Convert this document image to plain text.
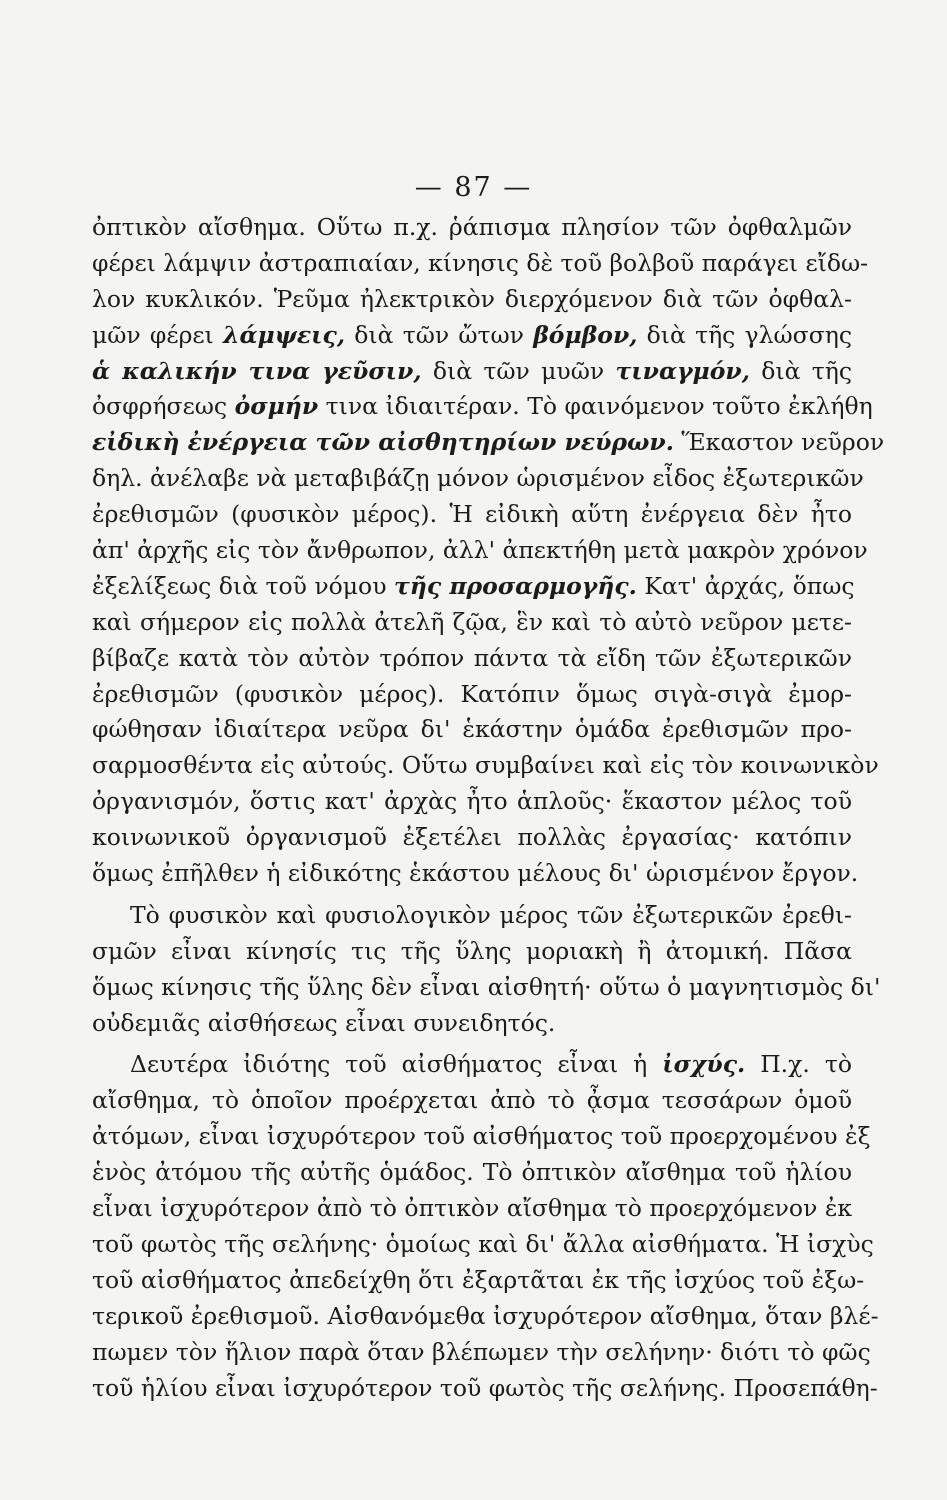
— 87 —
ὀπτικὸν αἴσθημα. Οὕτω π.χ. ῥάπισμα πλησίον τῶν ὀφθαλμῶν
φέρει λάμψιν ἀστραπιαίαν, κίνησις δὲ τοῦ βολβοῦ παράγει εἴδω-
λον κυκλικόν. Ῥεῦμα ἠλεκτρικὸν διερχόμενον διὰ τῶν ὀφθαλ-
μῶν φέρει λάμψεις, διὰ τῶν ὤτων βόμβον, διὰ τῆς γλώσσης
ἁ καλικήν τινα γεῦσιν, διὰ τῶν μυῶν τιναγμόν, διὰ τῆς
ὀσφρήσεως ὀσμήν τινα ἰδιαιτέραν. Τὸ φαινόμενον τοῦτο ἐκλήθη
εἰδικὴ ἐνέργεια τῶν αἰσθητηρίων νεύρων. Ἕκαστον νεῦρον
δηλ. ἀνέλαβε νὰ μεταβιβάζῃ μόνον ὡρισμένον εἶδος ἐξωτερικῶν
ἐρεθισμῶν (φυσικὸν μέρος). Ἡ εἰδικὴ αὕτη ἐνέργεια δὲν ἦτο
ἀπ' ἀρχῆς εἰς τὸν ἄνθρωπον, ἀλλ' ἀπεκτήθη μετὰ μακρὸν χρόνον
ἐξελίξεως διὰ τοῦ νόμου τῆς προσαρμογῆς. Κατ' ἀρχάς, ὅπως
καὶ σήμερον εἰς πολλὰ ἀτελῆ ζῷα, ἓν καὶ τὸ αὐτὸ νεῦρον μετε-
βίβαζε κατὰ τὸν αὐτὸν τρόπον πάντα τὰ εἴδη τῶν ἐξωτερικῶν
ἐρεθισμῶν (φυσικὸν μέρος). Κατόπιν ὅμως σιγὰ-σιγὰ ἐμορ-
φώθησαν ἰδιαίτερα νεῦρα δι' ἑκάστην ὁμάδα ἐρεθισμῶν προ-
σαρμοσθέντα εἰς αὐτούς. Οὕτω συμβαίνει καὶ εἰς τὸν κοινωνικὸν
ὀργανισμόν, ὅστις κατ' ἀρχὰς ἦτο ἁπλοῦς· ἕκαστον μέλος τοῦ
κοινωνικοῦ ὀργανισμοῦ ἐξετέλει πολλὰς ἐργασίας· κατόπιν
ὅμως ἐπῆλθεν ἡ εἰδικότης ἑκάστου μέλους δι' ὡρισμένον ἔργον.
Τὸ φυσικὸν καὶ φυσιολογικὸν μέρος τῶν ἐξωτερικῶν ἐρεθι-
σμῶν εἶναι κίνησίς τις τῆς ὕλης μοριακὴ ἢ ἀτομική. Πᾶσα
ὅμως κίνησις τῆς ὕλης δὲν εἶναι αἰσθητή· οὕτω ὁ μαγνητισμὸς δι'
οὐδεμιᾶς αἰσθήσεως εἶναι συνειδητός.
Δευτέρα ἰδιότης τοῦ αἰσθήματος εἶναι ἡ ἰσχύς. Π.χ. τὸ
αἴσθημα, τὸ ὁποῖον προέρχεται ἀπὸ τὸ ᾆσμα τεσσάρων ὁμοῦ
ἀτόμων, εἶναι ἰσχυρότερον τοῦ αἰσθήματος τοῦ προερχομένου ἐξ
ἑνὸς ἀτόμου τῆς αὐτῆς ὁμάδος. Τὸ ὀπτικὸν αἴσθημα τοῦ ἡλίου
εἶναι ἰσχυρότερον ἀπὸ τὸ ὀπτικὸν αἴσθημα τὸ προερχόμενον ἐκ
τοῦ φωτὸς τῆς σελήνης· ὁμοίως καὶ δι' ἄλλα αἰσθήματα. Ἡ ἰσχὺς
τοῦ αἰσθήματος ἀπεδείχθη ὅτι ἐξαρτᾶται ἐκ τῆς ἰσχύος τοῦ ἐξω-
τερικοῦ ἐρεθισμοῦ. Αἰσθανόμεθα ἰσχυρότερον αἴσθημα, ὅταν βλέ-
πωμεν τὸν ἥλιον παρὰ ὅταν βλέπωμεν τὴν σελήνην· διότι τὸ φῶς
τοῦ ἡλίου εἶναι ἰσχυρότερον τοῦ φωτὸς τῆς σελήνης. Προσεπάθη-
